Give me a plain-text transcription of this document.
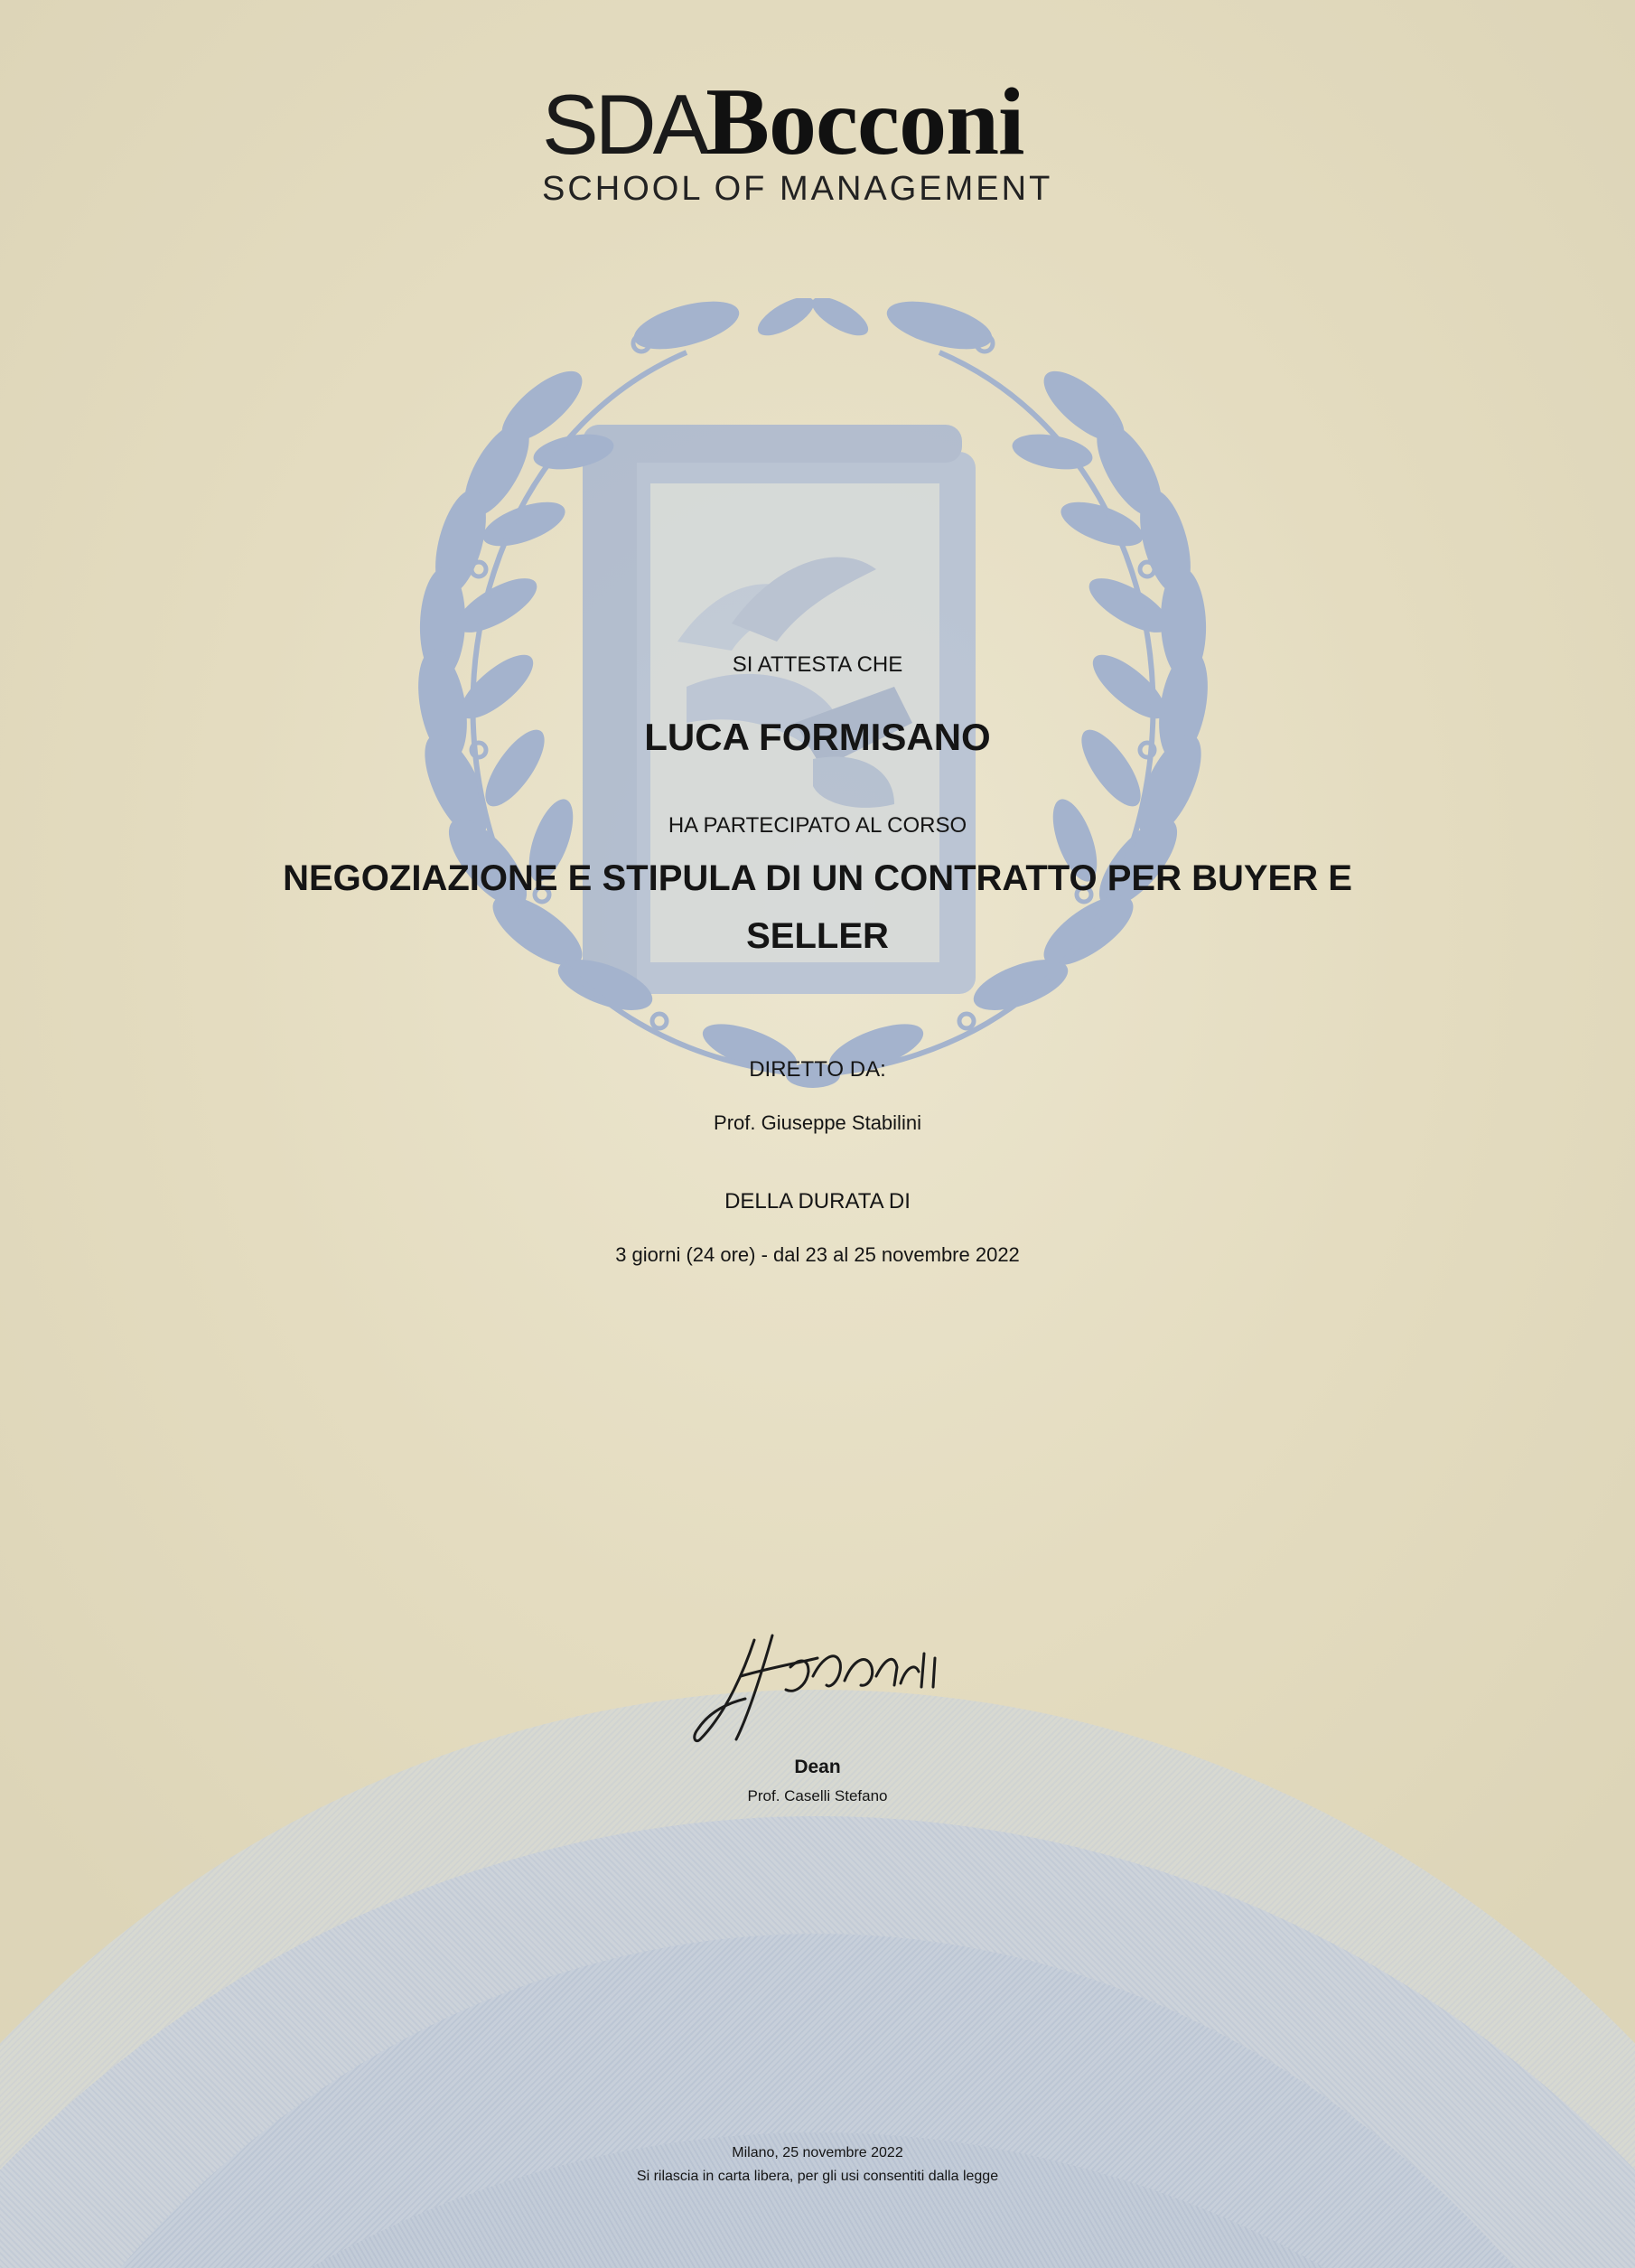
SDABocconi
SCHOOL OF MANAGEMENT
SI ATTESTA CHE
LUCA FORMISANO
HA PARTECIPATO AL CORSO
NEGOZIAZIONE E STIPULA DI UN CONTRATTO PER BUYER E
SELLER
DIRETTO DA:
Prof. Giuseppe Stabilini
DELLA DURATA DI
3 giorni (24 ore) - dal 23 al 25 novembre 2022
Dean
Prof. Caselli Stefano
Milano, 25 novembre 2022
Si rilascia in carta libera, per gli usi consentiti dalla legge
